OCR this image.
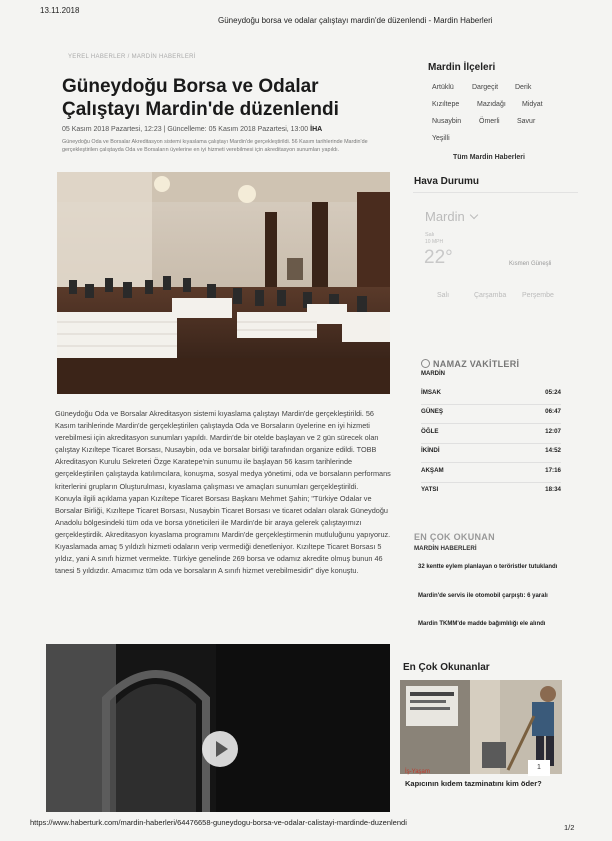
13.11.2018
Güneydoğu borsa ve odalar çalıştayı mardin'de düzenlendi - Mardin Haberleri
YEREL HABERLER / MARDİN HABERLERİ
Güneydoğu Borsa ve Odalar Çalıştayı Mardin'de düzenlendi
05 Kasım 2018 Pazartesi, 12:23 | Güncelleme: 05 Kasım 2018 Pazartesi, 13:00 İHA
Güneydoğu Oda ve Borsalar Akreditasyon sistemi kıyaslama çalıştayı Mardin'de gerçekleştirildi. 56 Kasım tarihlerinde Mardin'de gerçekleştirilen çalıştayda Oda ve Borsaların üyelerine en iyi hizmeti verebilmesi için akreditasyon sunumları yapıldı.

Güneydoğu Oda ve Borsalar Akreditasyon sistemi kıyaslama çalıştayı Mardin'de gerçekleştirildi. 56 Kasım tarihlerinde Mardin'de gerçekleştirilen çalıştayda Oda ve Borsaların üyelerine en iyi hizmeti verebilmesi için akreditasyon sunumları yapıldı. Mardin'de bir otelde başlayan ve 2 gün sürecek olan çalıştay Kızıltepe Ticaret Borsası, Nusaybin, oda ve borsalar birliği tarafından organize edildi. TOBB Akreditasyon Kurulu Sekreteri Özge Karatepe'nin sunumu ile başlayan 56 kasım tarihlerinde gerçekleştirilen çalıştayda katılımcılara, konuşma, sosyal medya yönetimi, oda ve borsaların performans kriterlerini grupların Oluşturulması, kıyaslama çalışması ve amaçları sunumları gerçekleştirildi.

Konuyla ilgili açıklama yapan Kızıltepe Ticaret Borsası Başkanı Mehmet Şahin; "Türkiye Odalar ve Borsalar Birliği, Kızıltepe Ticaret Borsası, Nusaybin Ticaret Borsası ve ticaret odaları olarak Güneydoğu Anadolu bölgesindeki tüm oda ve borsa yöneticileri ile Mardin'de bir araya gelerek çalıştayımızı gerçekleştirdik. Akreditasyon kıyaslama programını Mardin'de gerçekleştirmenin mutluluğunu yapıyoruz. Kıyaslamada amaç 5 yıldızlı hizmeti odaların verip vermediği denetleniyor. Kızıltepe Ticaret Borsası 5 yıldız, yani A sınıfı hizmet vermekte. Türkiye genelinde 269 borsa ve odamız akredite olmuş bunun 46 tanesi 5 yıldızdır. Amacımız tüm oda ve borsaların A sınıfı hizmet verebilmesidir" diye konuştu.

Mardin İlçeleri
Artüklü	Dargeçit Derik
Kızıltepe	Mazıdağı Midyat
Nusaybin	Ömerli Savur
Yeşilli
Tüm Mardin Haberleri
Hava Durumu
Mardin
Salı
10 MPH
22°	Kısmen Güneşli
Salı	Çarşamba Perşembe
NAMAZ VAKİTLERİ
MARDİN
İMSAK	05:24
GÜNEŞ	06:47
ÖĞLE	12:07
İKİNDİ	14:52
AKŞAM	17:16
YATSI	18:34
EN ÇOK OKUNAN
MARDİN HABERLERİ
32 kentte eylem planlayan o teröristler tutuklandı
Mardin'de servis ile otomobil çarpıştı: 6 yaralı
Mardin TKMM'de madde bağımlılığı ele alındı
En Çok Okunanlar
1
İş-Yaşam
Kapıcının kıdem tazminatını kim öder?
https://www.haberturk.com/mardin-haberleri/64476658-guneydogu-borsa-ve-odalar-calistayi-mardinde-duzenlendi
1/2
